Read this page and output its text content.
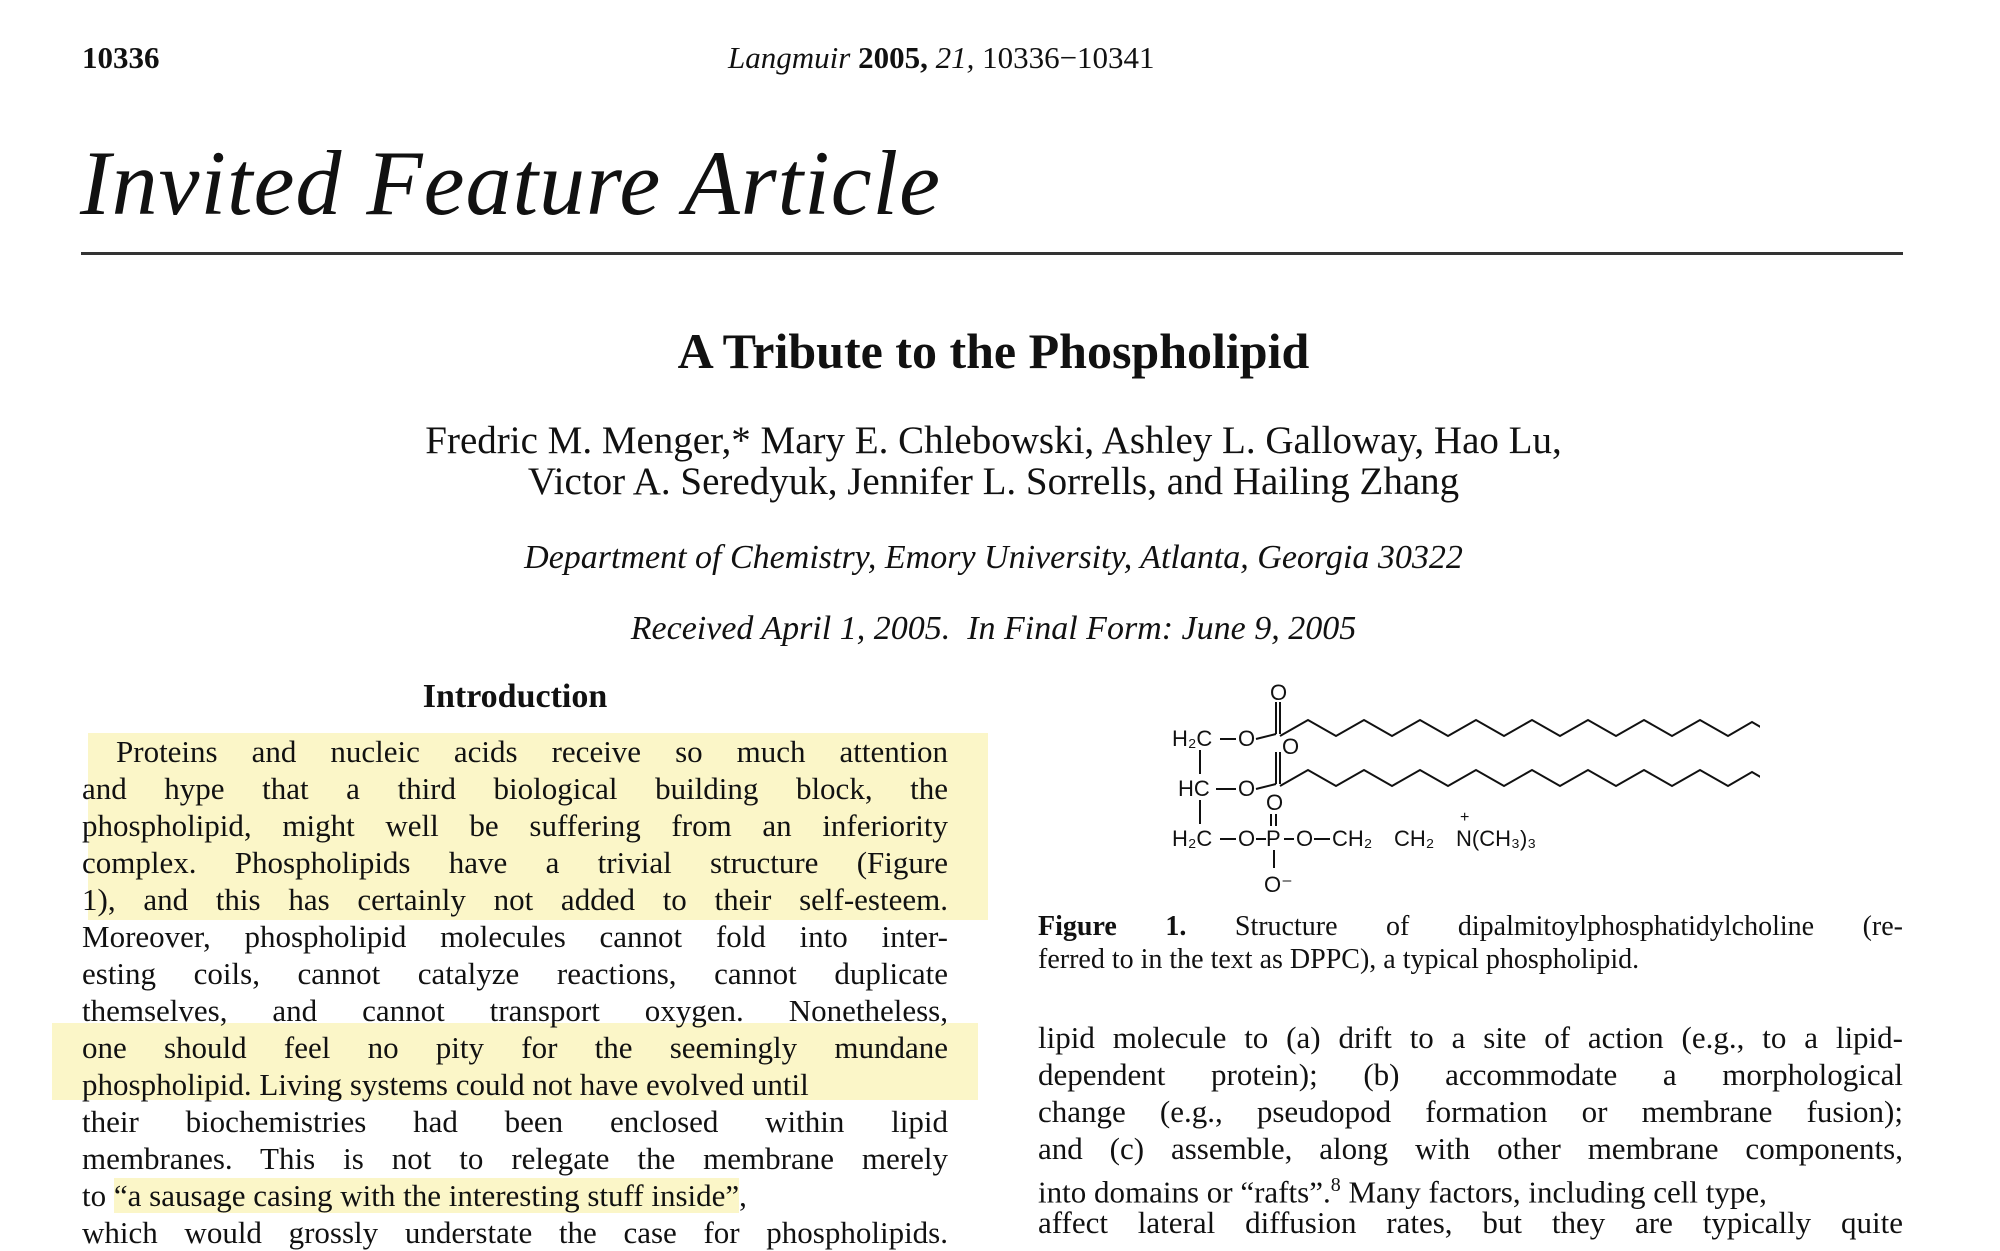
10336	Langmuir 2005, 21, 10336−10341
Invited Feature Article
A Tribute to the Phospholipid
Fredric M. Menger,* Mary E. Chlebowski, Ashley L. Galloway, Hao Lu,
Victor A. Seredyuk, Jennifer L. Sorrells, and Hailing Zhang
Department of Chemistry, Emory University, Atlanta, Georgia 30322
Received April 1, 2005.  In Final Form: June 9, 2005
Introduction
Proteins and nucleic acids receive so much attention
and hype that a third biological building block, the
phospholipid, might well be suffering from an inferiority
complex. Phospholipids have a trivial structure (Figure
1), and this has certainly not added to their self-esteem.
Moreover, phospholipid molecules cannot fold into inter-
esting coils, cannot catalyze reactions, cannot duplicate
themselves, and cannot transport oxygen. Nonetheless,
one should feel no pity for the seemingly mundane
phospholipid. Living systems could not have evolved until
their biochemistries had been enclosed within lipid
membranes. This is not to relegate the membrane merely
to “a sausage casing with the interesting stuff inside”,
which would grossly understate the case for phospholipids.
O
O
H₂C O
HC O
H₂C O
O
P
O⁻
O CH₂ CH₂
+
N(CH₃)₃
Figure 1. Structure of dipalmitoylphosphatidylcholine (re-
ferred to in the text as DPPC), a typical phospholipid.
lipid molecule to (a) drift to a site of action (e.g., to a lipid-
dependent protein); (b) accommodate a morphological
change (e.g., pseudopod formation or membrane fusion);
and (c) assemble, along with other membrane components,
into domains or “rafts”.$^8$ Many factors, including cell type,
affect lateral diffusion rates, but they are typically quite
